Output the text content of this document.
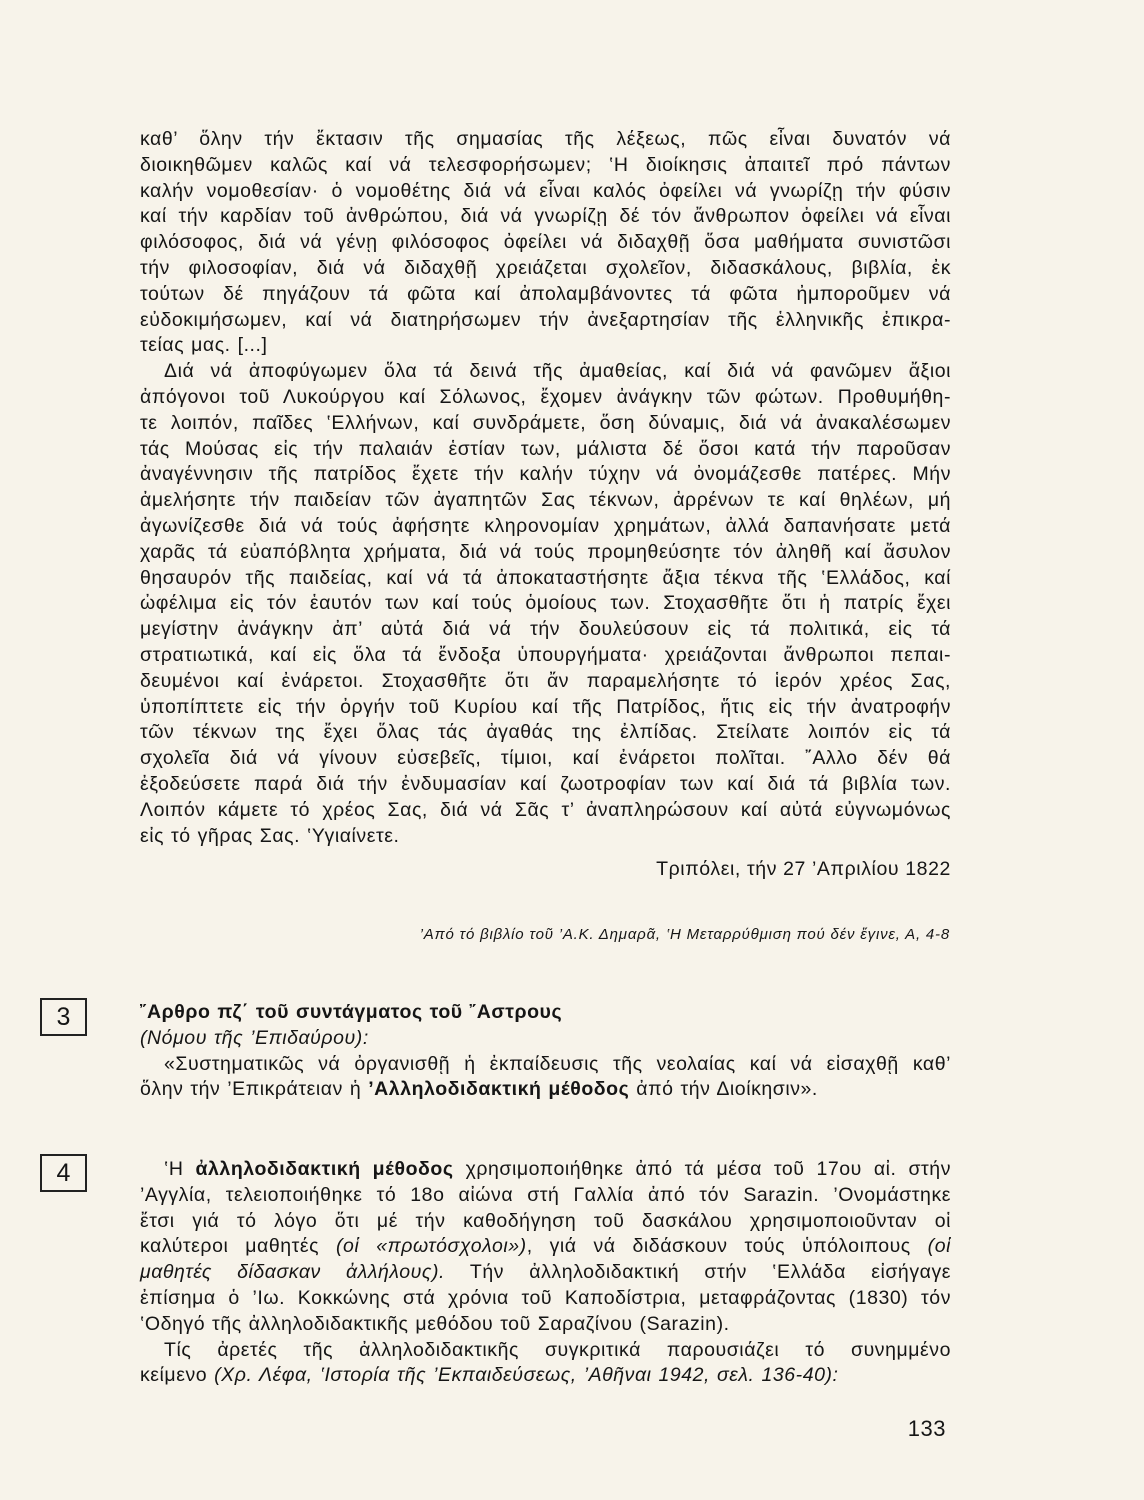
καθ’ ὅλην τήν ἔκτασιν τῆς σημασίας τῆς λέξεως, πῶς εἶναι δυνατόν νά
διοικηθῶμεν καλῶς καί νά τελεσφορήσωμεν; ‛Η διοίκησις ἀπαιτεῖ πρό πάντων
καλήν νομοθεσίαν· ὁ νομοθέτης διά νά εἶναι καλός ὀφείλει νά γνωρίζῃ τήν φύσιν
καί τήν καρδίαν τοῦ ἀνθρώπου, διά νά γνωρίζῃ δέ τόν ἄνθρωπον ὀφείλει νά εἶναι
φιλόσοφος, διά νά γένῃ φιλόσοφος ὀφείλει νά διδαχθῇ ὅσα μαθήματα συνιστῶσι
τήν φιλοσοφίαν, διά νά διδαχθῇ χρειάζεται σχολεῖον, διδασκάλους, βιβλία, ἐκ
τούτων δέ πηγάζουν τά φῶτα καί ἀπολαμβάνοντες τά φῶτα ἠμποροῦμεν νά
εὐδοκιμήσωμεν, καί νά διατηρήσωμεν τήν ἀνεξαρτησίαν τῆς ἑλληνικῆς ἐπικρα-
τείας μας. [...]
Διά νά ἀποφύγωμεν ὅλα τά δεινά τῆς ἀμαθείας, καί διά νά φανῶμεν ἄξιοι
ἀπόγονοι τοῦ Λυκούργου καί Σόλωνος, ἔχομεν ἀνάγκην τῶν φώτων. Προθυμήθη-
τε λοιπόν, παῖδες ‛Ελλήνων, καί συνδράμετε, ὅση δύναμις, διά νά ἀνακαλέσωμεν
τάς Μούσας εἰς τήν παλαιάν ἑστίαν των, μάλιστα δέ ὅσοι κατά τήν παροῦσαν
ἀναγέννησιν τῆς πατρίδος ἔχετε τήν καλήν τύχην νά ὀνομάζεσθε πατέρες. Μήν
ἀμελήσητε τήν παιδείαν τῶν ἀγαπητῶν Σας τέκνων, ἀρρένων τε καί θηλέων, μή
ἀγωνίζεσθε διά νά τούς ἀφήσητε κληρονομίαν χρημάτων, ἀλλά δαπανήσατε μετά
χαρᾶς τά εὐαπόβλητα χρήματα, διά νά τούς προμηθεύσητε τόν ἀληθῆ καί ἄσυλον
θησαυρόν τῆς παιδείας, καί νά τά ἀποκαταστήσητε ἄξια τέκνα τῆς ‛Ελλάδος, καί
ὠφέλιμα εἰς τόν ἑαυτόν των καί τούς ὁμοίους των. Στοχασθῆτε ὅτι ἡ πατρίς ἔχει
μεγίστην ἀνάγκην ἀπ’ αὐτά διά νά τήν δουλεύσουν εἰς τά πολιτικά, εἰς τά
στρατιωτικά, καί εἰς ὅλα τά ἔνδοξα ὑπουργήματα· χρειάζονται ἄνθρωποι πεπαι-
δευμένοι καί ἐνάρετοι. Στοχασθῆτε ὅτι ἄν παραμελήσητε τό ἱερόν χρέος Σας,
ὑποπίπτετε εἰς τήν ὀργήν τοῦ Κυρίου καί τῆς Πατρίδος, ἥτις εἰς τήν ἀνατροφήν
τῶν τέκνων της ἔχει ὅλας τάς ἀγαθάς της ἐλπίδας. Στείλατε λοιπόν εἰς τά
σχολεῖα διά νά γίνουν εὐσεβεῖς, τίμιοι, καί ἐνάρετοι πολῖται. ῎Αλλο δέν θά
ἐξοδεύσετε παρά διά τήν ἐνδυμασίαν καί ζωοτροφίαν των καί διά τά βιβλία των.
Λοιπόν κάμετε τό χρέος Σας, διά νά Σᾶς τ’ ἀναπληρώσουν καί αὐτά εὐγνωμόνως
εἰς τό γῆρας Σας. ‛Υγιαίνετε.
Τριπόλει, τήν 27 ’Απριλίου 1822
’Από τό βιβλίο τοῦ ’Α.Κ. Δημαρᾶ, ‛Η Μεταρρύθμιση πού δέν ἔγινε, Α, 4-8
3	῎Αρθρο πζ΄ τοῦ συντάγματος τοῦ ῎Αστρους
(Νόμου τῆς ’Επιδαύρου):
«Συστηματικῶς νά ὀργανισθῇ ἡ ἐκπαίδευσις τῆς νεολαίας καί νά εἰσαχθῇ καθ’
ὅλην τήν ’Επικράτειαν ἡ ’Αλληλοδιδακτική μέθοδος ἀπό τήν Διοίκησιν».
4	‛Η ἀλληλοδιδακτική μέθοδος χρησιμοποιήθηκε ἀπό τά μέσα τοῦ 17ου αἰ. στήν
’Αγγλία, τελειοποιήθηκε τό 18ο αἰώνα στή Γαλλία ἀπό τόν Sarazin. ’Ονομάστηκε
ἔτσι γιά τό λόγο ὅτι μέ τήν καθοδήγηση τοῦ δασκάλου χρησιμοποιοῦνταν οἱ
καλύτεροι μαθητές (οἱ «πρωτόσχολοι»), γιά νά διδάσκουν τούς ὑπόλοιπους (οἱ
μαθητές δίδασκαν ἀλλήλους). Τήν ἀλληλοδιδακτική στήν ‛Ελλάδα εἰσήγαγε
ἐπίσημα ὁ ’Ιω. Κοκκώνης στά χρόνια τοῦ Καποδίστρια, μεταφράζοντας (1830) τόν
‛Οδηγό τῆς ἀλληλοδιδακτικῆς μεθόδου τοῦ Σαραζίνου (Sarazin).
Τίς ἀρετές τῆς ἀλληλοδιδακτικῆς συγκριτικά παρουσιάζει τό συνημμένο
κείμενο (Χρ. Λέφα, ‛Ιστορία τῆς ’Εκπαιδεύσεως, ’Αθῆναι 1942, σελ. 136-40):
133
